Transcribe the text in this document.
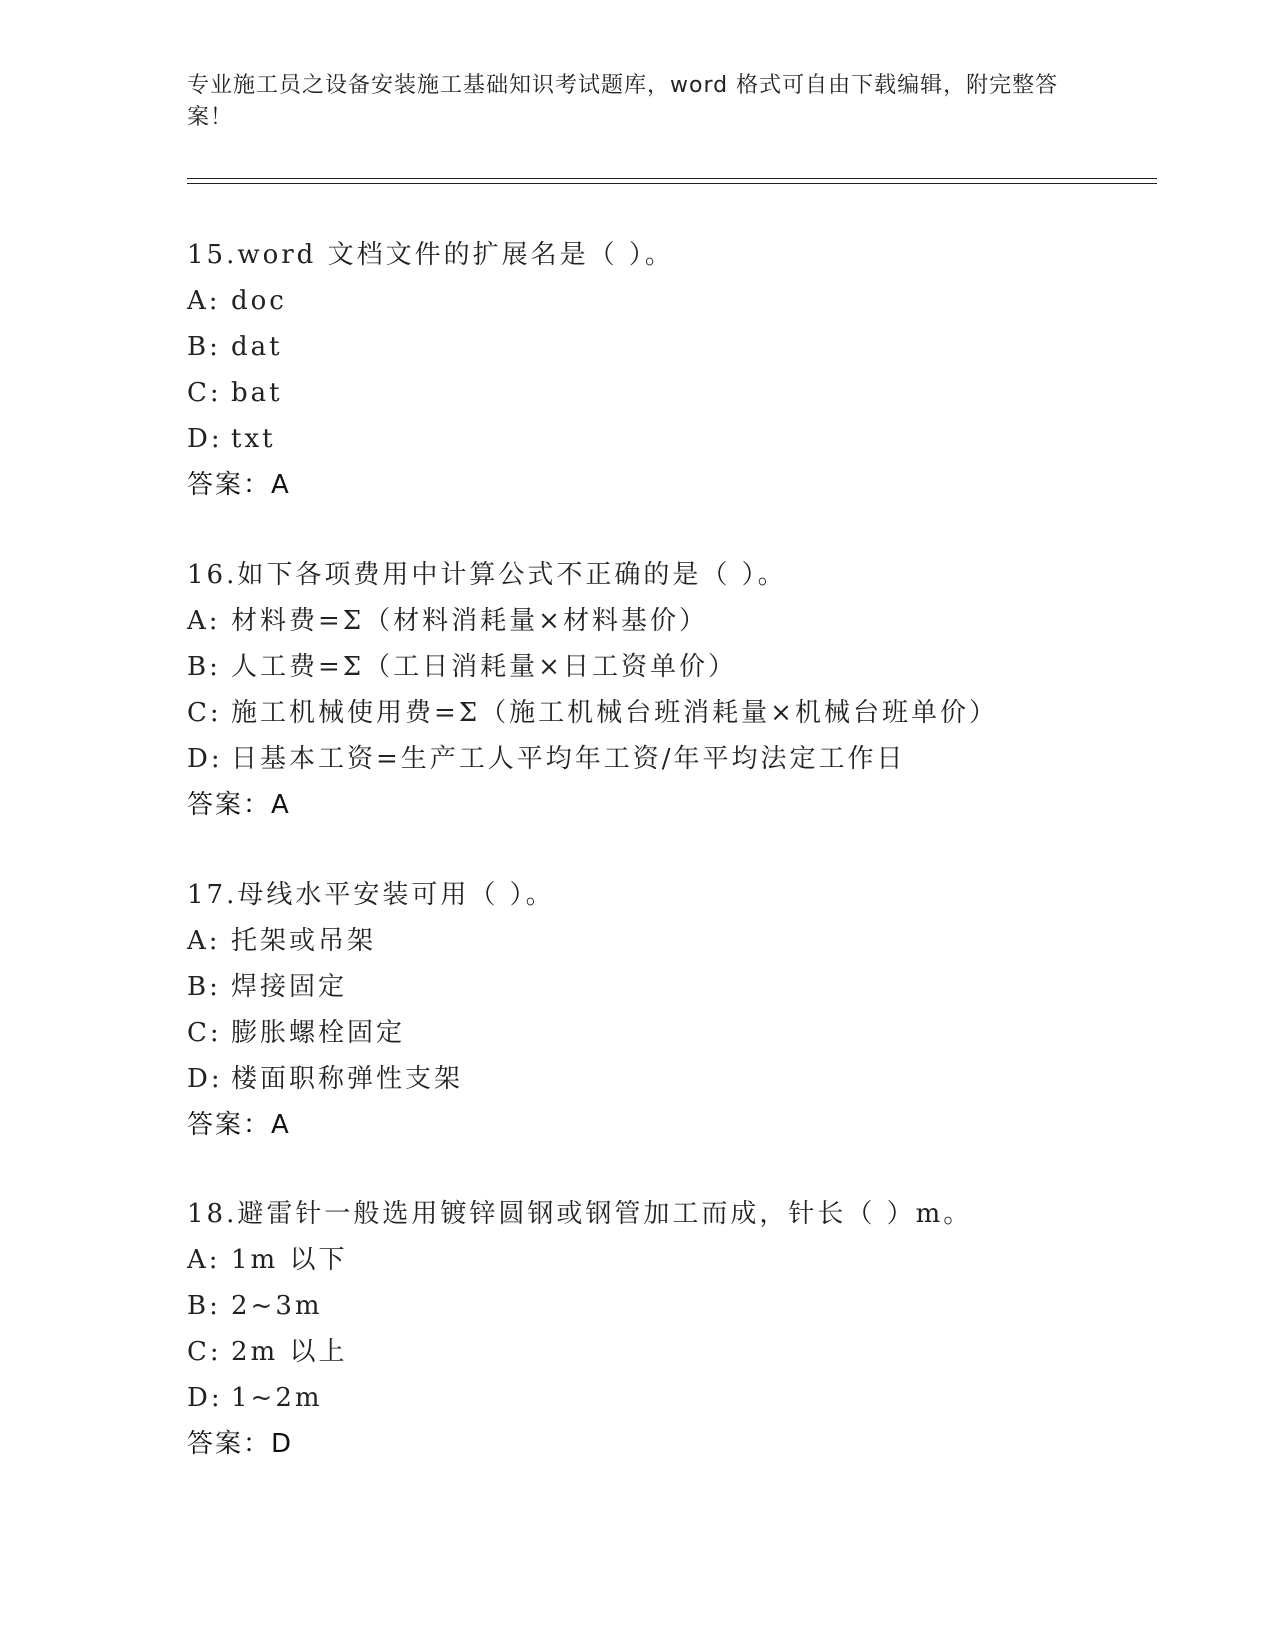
专业施工员之设备安装施工基础知识考试题库，word 格式可自由下载编辑，附完整答案！
15.word 文档文件的扩展名是（ ）。
A: doc
B: dat
C: bat
D: txt
答案：A
16.如下各项费用中计算公式不正确的是（ ）。
A: 材料费=Σ（材料消耗量×材料基价）
B: 人工费=Σ（工日消耗量×日工资单价）
C: 施工机械使用费=Σ（施工机械台班消耗量×机械台班单价）
D: 日基本工资=生产工人平均年工资/年平均法定工作日
答案：A
17.母线水平安装可用（ ）。
A: 托架或吊架
B: 焊接固定
C: 膨胀螺栓固定
D: 楼面职称弹性支架
答案：A
18.避雷针一般选用镀锌圆钢或钢管加工而成，针长（ ）m。
A: 1m 以下
B: 2~3m
C: 2m 以上
D: 1~2m
答案：D
